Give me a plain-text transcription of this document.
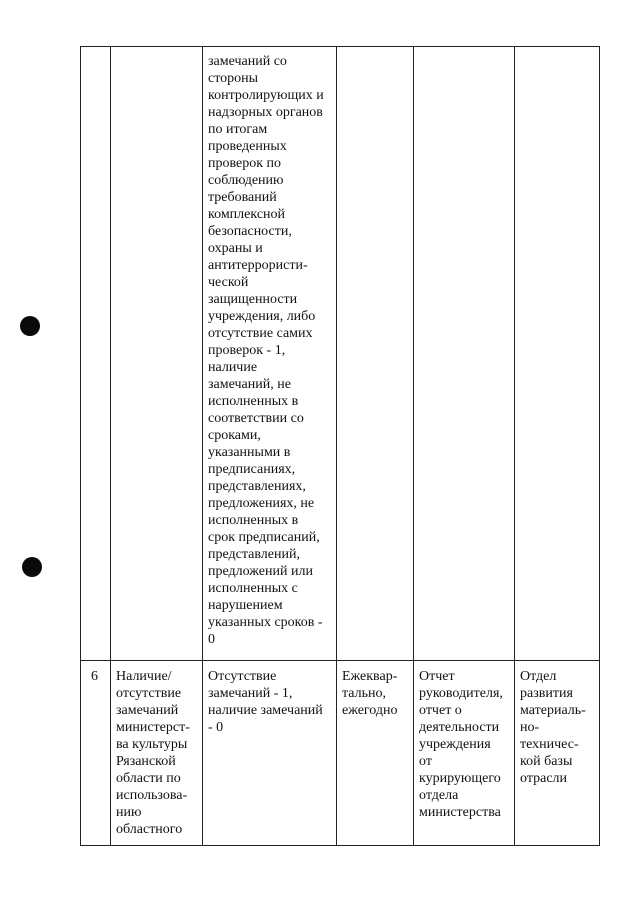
замечаний со
стороны
контролирующих и
надзорных органов
по итогам
проведенных
проверок по
соблюдению
требований
комплексной
безопасности,
охраны и
антитеррористи-
ческой
защищенности
учреждения, либо
отсутствие самих
проверок - 1,
наличие
замечаний, не
исполненных в
соответствии со
сроками,
указанными в
предписаниях,
представлениях,
предложениях, не
исполненных в
срок предписаний,
представлений,
предложений или
исполненных с
нарушением
указанных сроков -
0
6	Наличие/
отсутствие
замечаний
министерст-
ва культуры
Рязанской
области по
использова-
нию
областного
Отсутствие
замечаний - 1,
наличие замечаний
- 0
Ежеквар-
тально,
ежегодно
Отчет
руководителя,
отчет о
деятельности
учреждения
от
курирующего
отдела
министерства
Отдел
развития
материаль-
но-
техничес-
кой базы
отрасли
